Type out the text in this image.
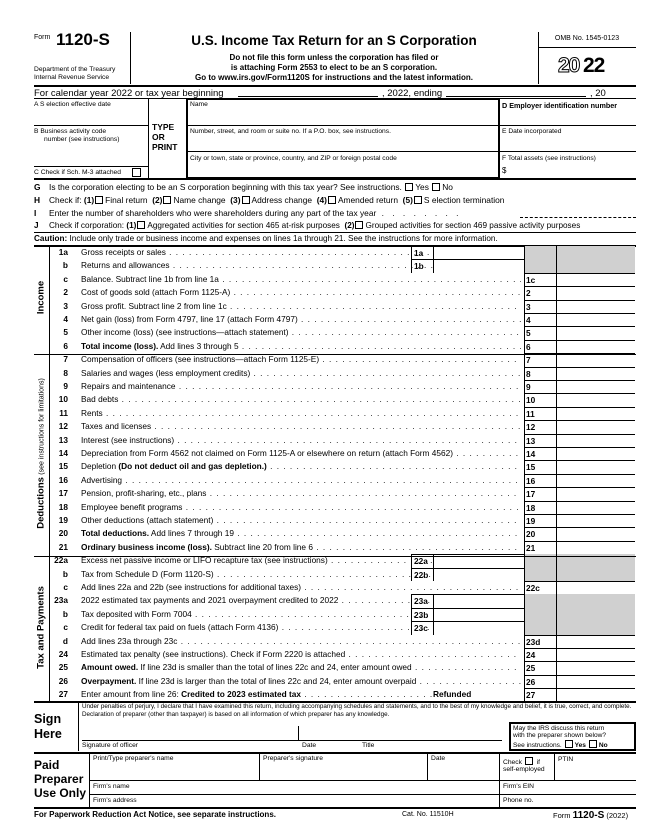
Form 1120-S
Department of the Treasury
Internal Revenue Service
U.S. Income Tax Return for an S Corporation
Do not file this form unless the corporation has filed or
is attaching Form 2553 to elect to be an S corporation.
Go to www.irs.gov/Form1120S for instructions and the latest information.
OMB No. 1545-0123
20 22
For calendar year 2022 or tax year beginning	, 2022, ending	, 20
A S election effective date
B Business activity code
number (see instructions)
C Check if Sch. M-3 attached
TYPE
OR
PRINT
Name
Number, street, and room or suite no. If a P.O. box, see instructions.
City or town, state or province, country, and ZIP or foreign postal code
D Employer identification number
E Date incorporated
F Total assets (see instructions)
$
G Is the corporation electing to be an S corporation beginning with this tax year? See instructions. Yes No
H Check if: (1) Final return (2) Name change (3) Address change (4) Amended return (5) S election termination
I Enter the number of shareholders who were shareholders during any part of the tax year . . . . . . . .
J Check if corporation: (1) Aggregated activities for section 465 at-risk purposes (2) Grouped activities for section 469 passive activity purposes
Caution: Include only trade or business income and expenses on lines 1a through 21. See the instructions for more information.
1a Gross receipts or sales . . .	1a
b Returns and allowances . . .	1b
c Balance. Subtract line 1b from line 1a . . .	1c
2 Cost of goods sold (attach Form 1125-A) . . .	2
3 Gross profit. Subtract line 2 from line 1c . . .	3
4 Net gain (loss) from Form 4797, line 17 (attach Form 4797) . . .	4
5 Other income (loss) (see instructions—attach statement) . . .	5
6 Total income (loss). Add lines 3 through 5 . . .	6
7 Compensation of officers (see instructions—attach Form 1125-E) . . .	7
8 Salaries and wages (less employment credits) . . .	8
9 Repairs and maintenance . . .	9
10 Bad debts . . .	10
11 Rents . . .	11
12 Taxes and licenses . . .	12
13 Interest (see instructions) . . .	13
14 Depreciation from Form 4562 not claimed on Form 1125-A or elsewhere on return (attach Form 4562) . . .	14
15 Depletion (Do not deduct oil and gas depletion.) . . .	15
16 Advertising . . .	16
17 Pension, profit-sharing, etc., plans . . .	17
18 Employee benefit programs . . .	18
19 Other deductions (attach statement) . . .	19
20 Total deductions. Add lines 7 through 19 . . .	20
21 Ordinary business income (loss). Subtract line 20 from line 6 . . .	21
22a Excess net passive income or LIFO recapture tax (see instructions) . . .	22a
b Tax from Schedule D (Form 1120-S) . . .	22b
c Add lines 22a and 22b (see instructions for additional taxes) . . .	22c
23a 2022 estimated tax payments and 2021 overpayment credited to 2022 . . .	23a
b Tax deposited with Form 7004 . . .	23b
c Credit for federal tax paid on fuels (attach Form 4136) . . .	23c
d Add lines 23a through 23c . . .	23d
24 Estimated tax penalty (see instructions). Check if Form 2220 is attached
. . .	24
25 Amount owed. If line 23d is smaller than the total of lines 22c and 24, enter amount owed . . .	25
26 Overpayment. If line 23d is larger than the total of lines 22c and 24, enter amount overpaid . . .	26
27 Enter amount from line 26: Credited to 2023 estimated tax	Refunded
. . .	27
Income
Deductions (see instructions for limitations)
Tax and Payments
Sign
Here
Under penalties of perjury, I declare that I have examined this return, including accompanying schedules and statements, and to the best of my knowledge and belief, it is true, correct, and complete. Declaration of preparer (other than taxpayer) is based on all information of which preparer has any knowledge.
Signature of officer	Date	Title
May the IRS discuss this return
with the preparer shown below?
See instructions. Yes No
Paid
Preparer
Use Only
Print/Type preparer's name	Preparer's signature	Date
Check if
self-employed
PTIN
Firm's name	Firm's EIN
Firm's address	Phone no.
For Paperwork Reduction Act Notice, see separate instructions.	Cat. No. 11510H	Form 1120-S (2022)
